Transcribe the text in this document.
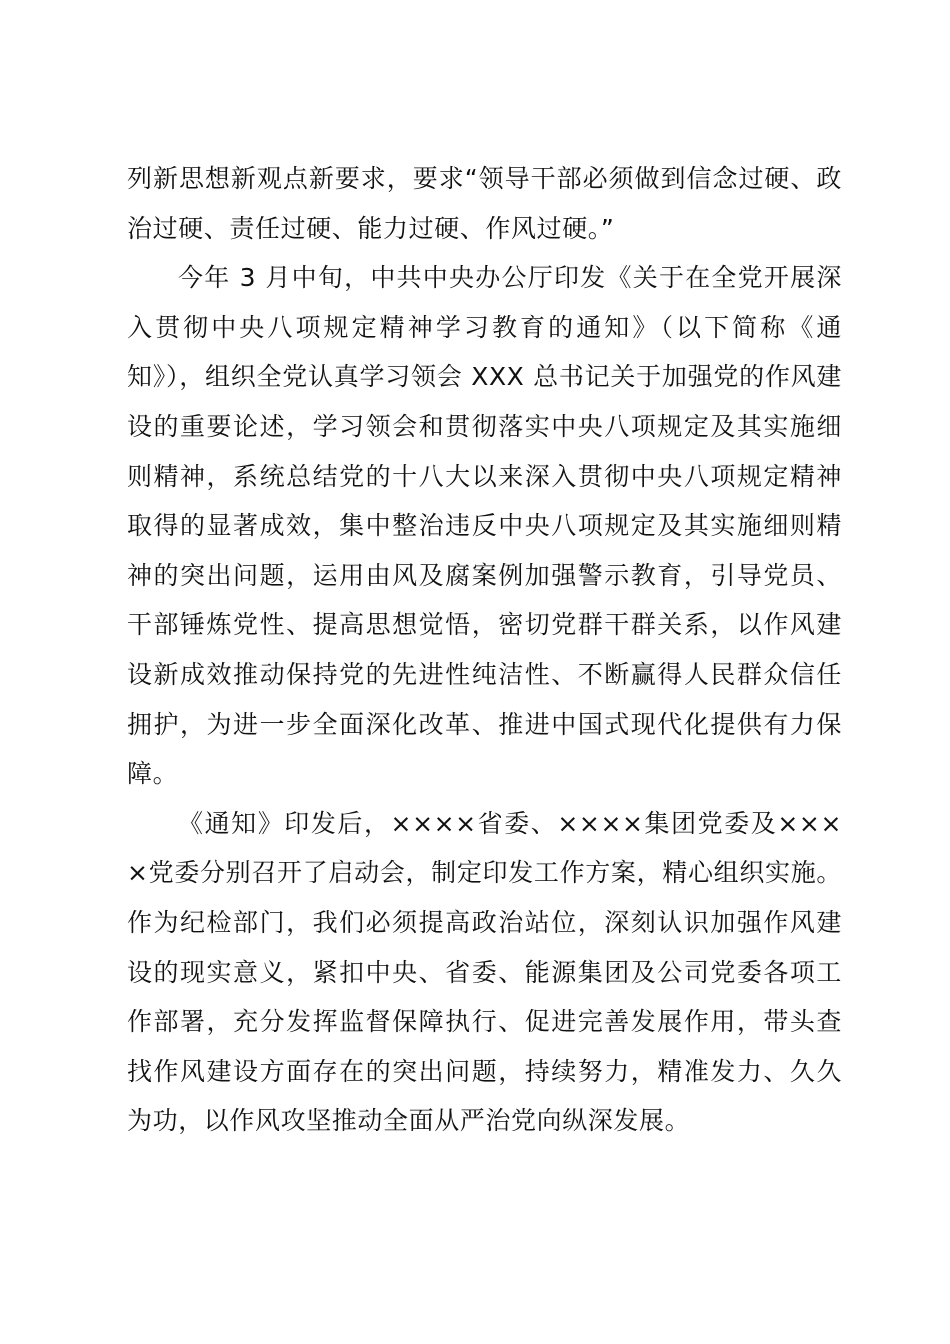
列新思想新观点新要求，要求“领导干部必须做到信念过硬、政治过硬、责任过硬、能力过硬、作风过硬。”

今年 3 月中旬，中共中央办公厅印发《关于在全党开展深入贯彻中央八项规定精神学习教育的通知》（以下简称《通知》），组织全党认真学习领会 XXX 总书记关于加强党的作风建设的重要论述，学习领会和贯彻落实中央八项规定及其实施细则精神，系统总结党的十八大以来深入贯彻中央八项规定精神取得的显著成效，集中整治违反中央八项规定及其实施细则精神的突出问题，运用由风及腐案例加强警示教育，引导党员、干部锤炼党性、提高思想觉悟，密切党群干群关系，以作风建设新成效推动保持党的先进性纯洁性、不断赢得人民群众信任拥护，为进一步全面深化改革、推进中国式现代化提供有力保障。

《通知》印发后，××××省委、××××集团党委及××××党委分别召开了启动会，制定印发工作方案，精心组织实施。作为纪检部门，我们必须提高政治站位，深刻认识加强作风建设的现实意义，紧扣中央、省委、能源集团及公司党委各项工作部署，充分发挥监督保障执行、促进完善发展作用，带头查找作风建设方面存在的突出问题，持续努力，精准发力、久久为功，以作风攻坚推动全面从严治党向纵深发展。
